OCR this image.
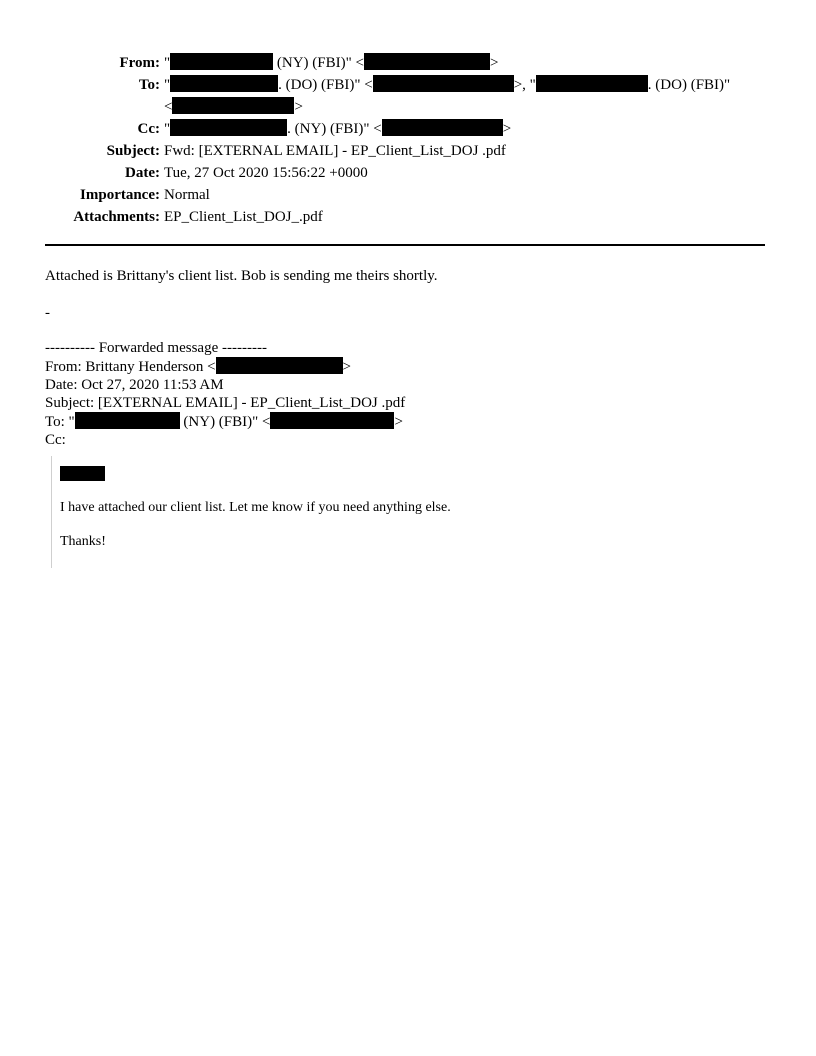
From: "	(NY) (FBI)" <	>
To: "	. (DO) (FBI)" <	>, "	. (DO) (FBI)"
<	>
Cc: "	. (NY) (FBI)" <	>
Subject: Fwd: [EXTERNAL EMAIL] - EP_Client_List_DOJ .pdf
Date: Tue, 27 Oct 2020 15:56:22 +0000
Importance: Normal
Attachments: EP_Client_List_DOJ_.pdf
Attached is Brittany's client list. Bob is sending me theirs shortly.
-
---------- Forwarded message ---------
From: Brittany Henderson <	>
Date: Oct 27, 2020 11:53 AM
Subject: [EXTERNAL EMAIL] - EP_Client_List_DOJ .pdf
To: "	(NY) (FBI)" <	>
Cc:
I have attached our client list. Let me know if you need anything else.
Thanks!
